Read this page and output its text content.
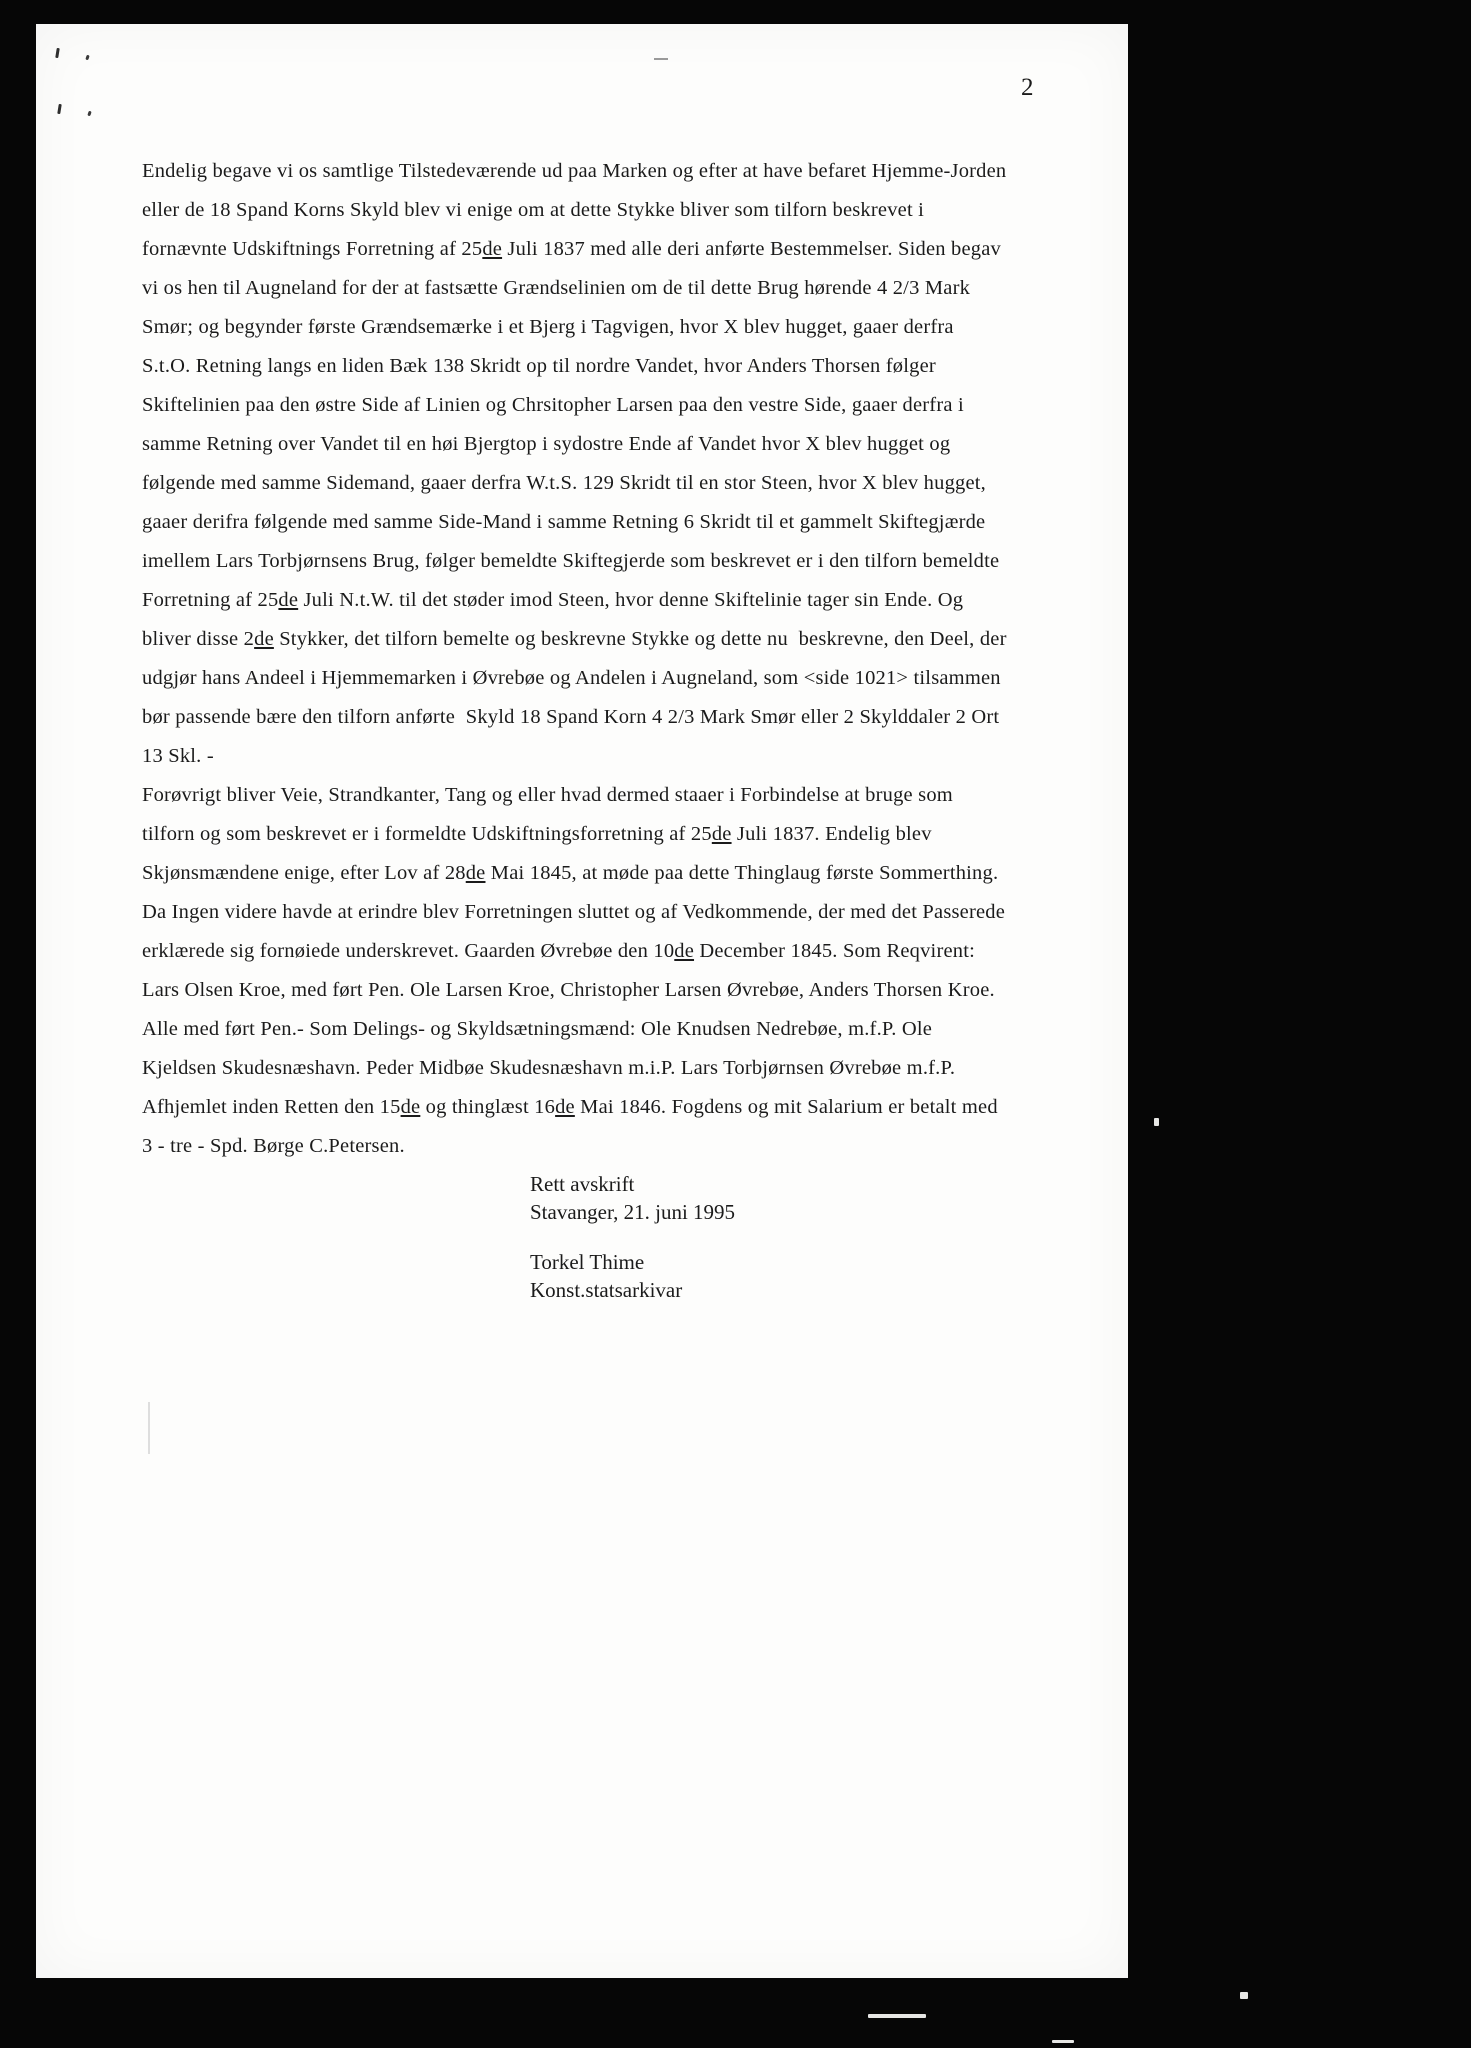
2
Endelig begave vi os samtlige Tilstedeværende ud paa Marken og efter at have befaret Hjemme-Jorden
eller de 18 Spand Korns Skyld blev vi enige om at dette Stykke bliver som tilforn beskrevet i
fornævnte Udskiftnings Forretning af 25de Juli 1837 med alle deri anførte Bestemmelser. Siden begav
vi os hen til Augneland for der at fastsætte Grændselinien om de til dette Brug hørende 4 2/3 Mark
Smør; og begynder første Grændsemærke i et Bjerg i Tagvigen, hvor X blev hugget, gaaer derfra
S.t.O. Retning langs en liden Bæk 138 Skridt op til nordre Vandet, hvor Anders Thorsen følger
Skiftelinien paa den østre Side af Linien og Chrsitopher Larsen paa den vestre Side, gaaer derfra i
samme Retning over Vandet til en høi Bjergtop i sydostre Ende af Vandet hvor X blev hugget og
følgende med samme Sidemand, gaaer derfra W.t.S. 129 Skridt til en stor Steen, hvor X blev hugget,
gaaer derifra følgende med samme Side-Mand i samme Retning 6 Skridt til et gammelt Skiftegjærde
imellem Lars Torbjørnsens Brug, følger bemeldte Skiftegjerde som beskrevet er i den tilforn bemeldte
Forretning af 25de Juli N.t.W. til det støder imod Steen, hvor denne Skiftelinie tager sin Ende. Og
bliver disse 2de Stykker, det tilforn bemelte og beskrevne Stykke og dette nu  beskrevne, den Deel, der
udgjør hans Andeel i Hjemmemarken i Øvrebøe og Andelen i Augneland, som <side 1021> tilsammen
bør passende bære den tilforn anførte  Skyld 18 Spand Korn 4 2/3 Mark Smør eller 2 Skylddaler 2 Ort
13 Skl. -
Forøvrigt bliver Veie, Strandkanter, Tang og eller hvad dermed staaer i Forbindelse at bruge som
tilforn og som beskrevet er i formeldte Udskiftningsforretning af 25de Juli 1837. Endelig blev
Skjønsmændene enige, efter Lov af 28de Mai 1845, at møde paa dette Thinglaug første Sommerthing.
Da Ingen videre havde at erindre blev Forretningen sluttet og af Vedkommende, der med det Passerede
erklærede sig fornøiede underskrevet. Gaarden Øvrebøe den 10de December 1845. Som Reqvirent:
Lars Olsen Kroe, med ført Pen. Ole Larsen Kroe, Christopher Larsen Øvrebøe, Anders Thorsen Kroe.
Alle med ført Pen.- Som Delings- og Skyldsætningsmænd: Ole Knudsen Nedrebøe, m.f.P. Ole
Kjeldsen Skudesnæshavn. Peder Midbøe Skudesnæshavn m.i.P. Lars Torbjørnsen Øvrebøe m.f.P.
Afhjemlet inden Retten den 15de og thinglæst 16de Mai 1846. Fogdens og mit Salarium er betalt med
3 - tre - Spd. Børge C.Petersen.
Rett avskrift
Stavanger, 21. juni 1995
Torkel Thime
Konst.statsarkivar
